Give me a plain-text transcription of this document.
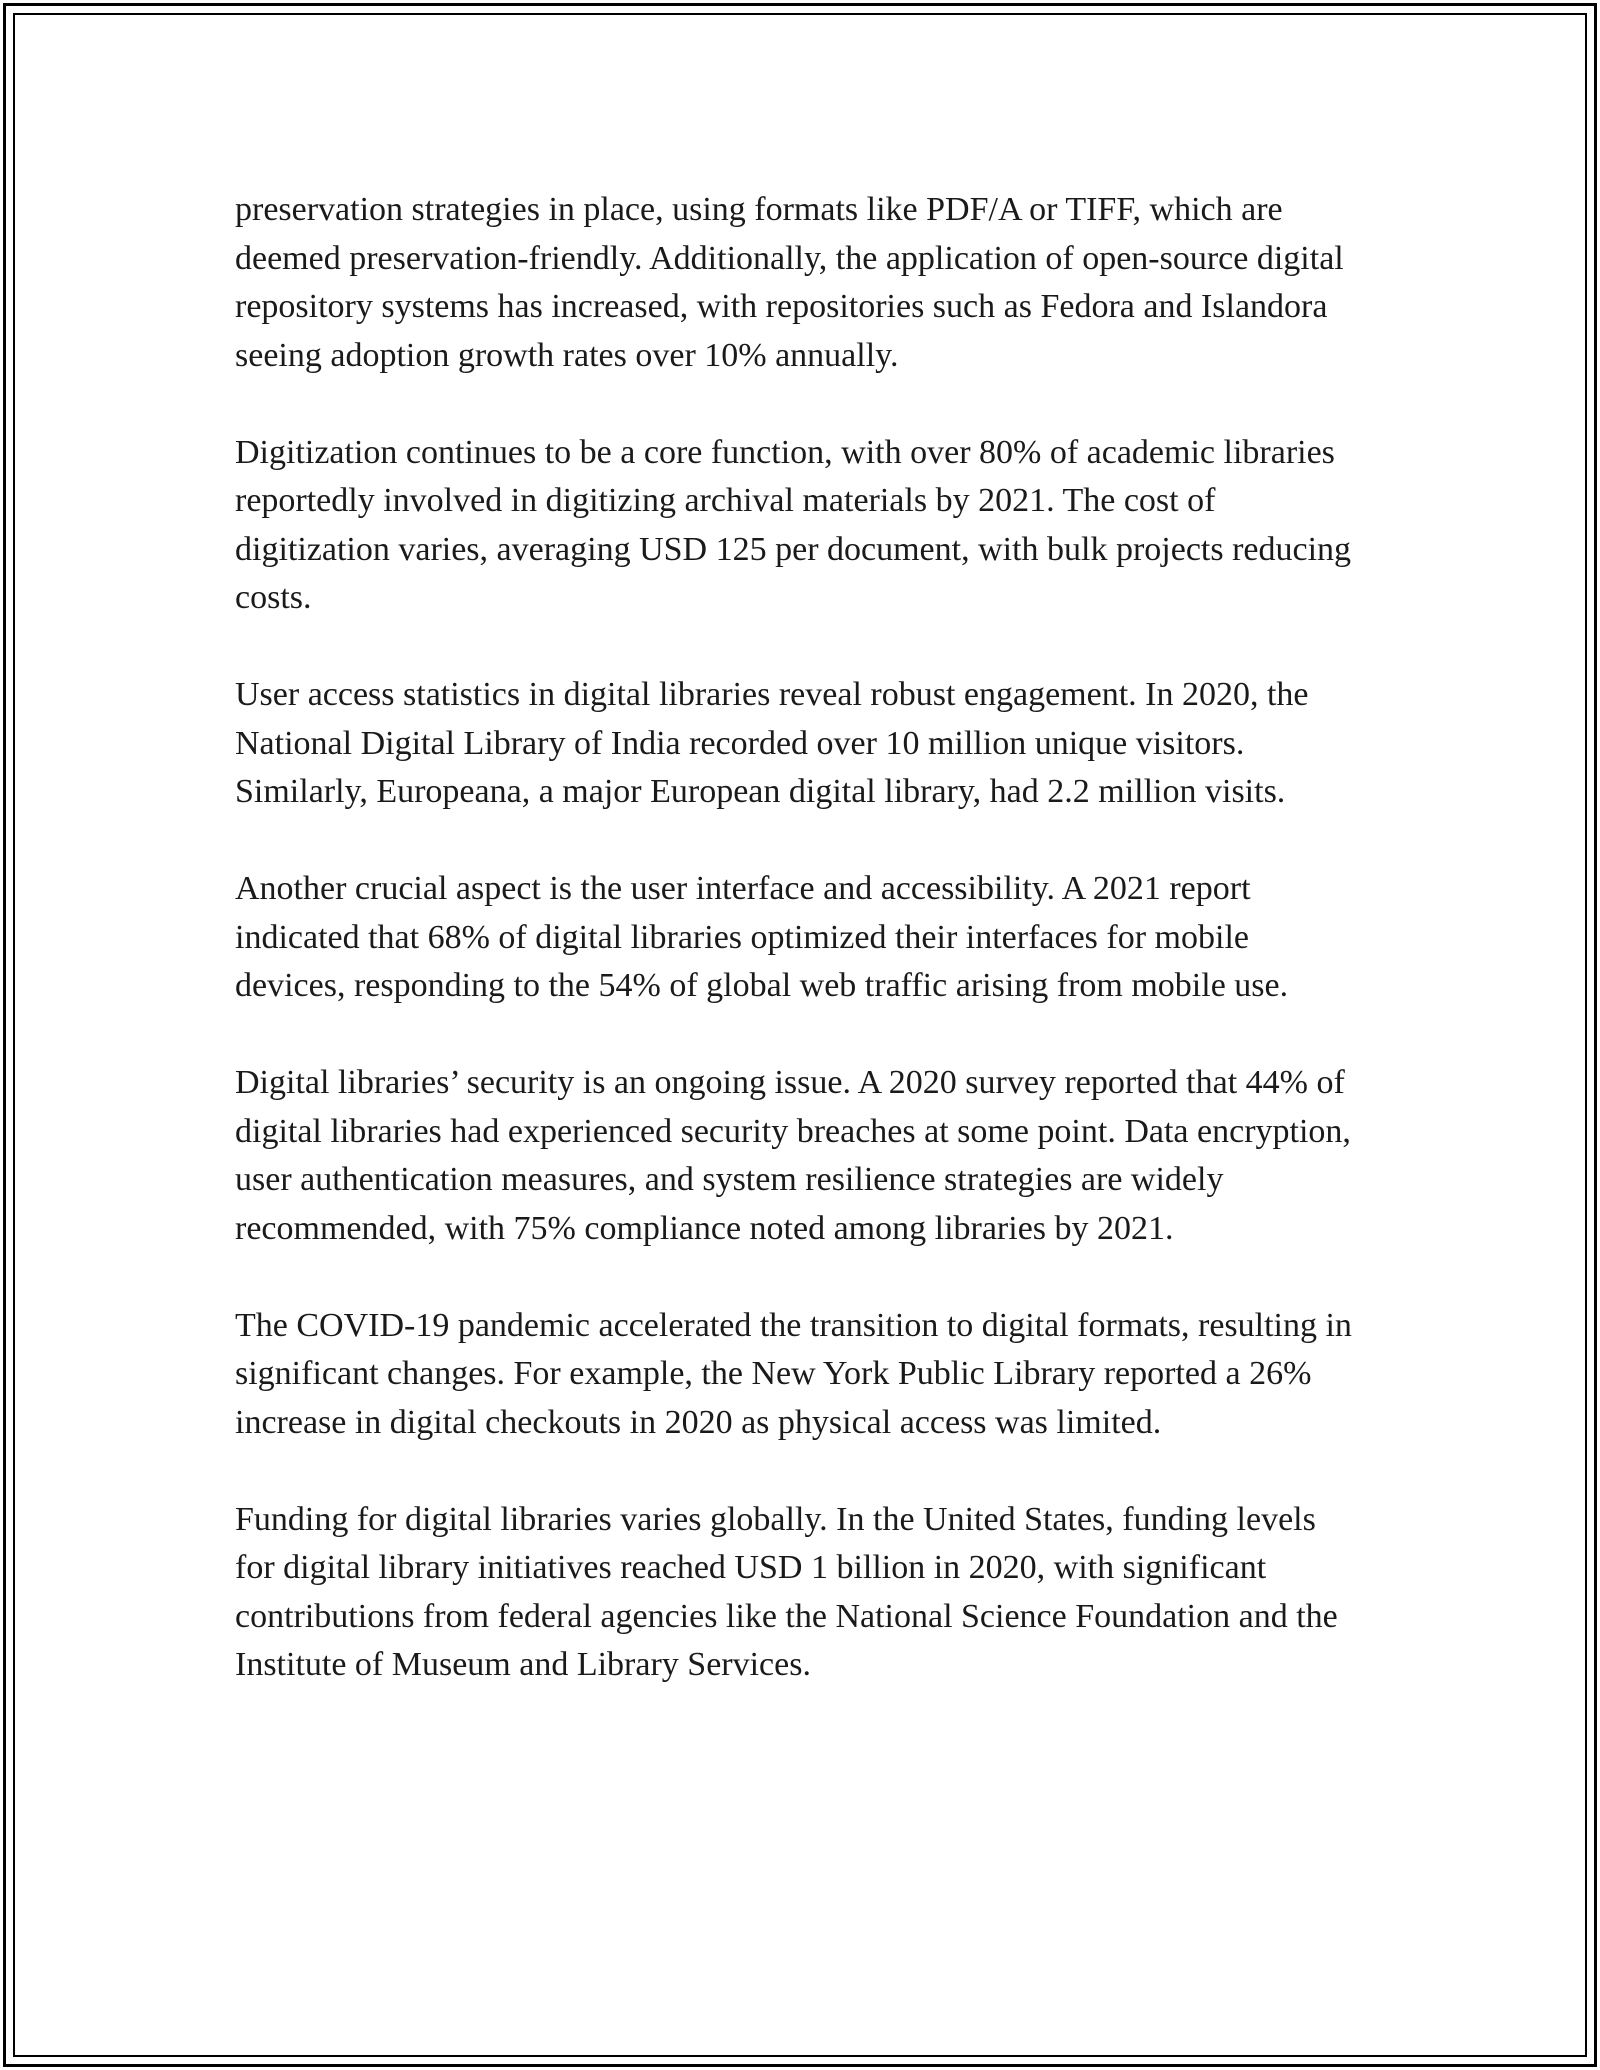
preservation strategies in place, using formats like PDF/A or TIFF, which are deemed preservation-friendly. Additionally, the application of open-source digital repository systems has increased, with repositories such as Fedora and Islandora seeing adoption growth rates over 10% annually.

Digitization continues to be a core function, with over 80% of academic libraries reportedly involved in digitizing archival materials by 2021. The cost of digitization varies, averaging USD 125 per document, with bulk projects reducing costs.

User access statistics in digital libraries reveal robust engagement. In 2020, the National Digital Library of India recorded over 10 million unique visitors. Similarly, Europeana, a major European digital library, had 2.2 million visits.

Another crucial aspect is the user interface and accessibility. A 2021 report indicated that 68% of digital libraries optimized their interfaces for mobile devices, responding to the 54% of global web traffic arising from mobile use.

Digital libraries’ security is an ongoing issue. A 2020 survey reported that 44% of digital libraries had experienced security breaches at some point. Data encryption, user authentication measures, and system resilience strategies are widely recommended, with 75% compliance noted among libraries by 2021.

The COVID-19 pandemic accelerated the transition to digital formats, resulting in significant changes. For example, the New York Public Library reported a 26% increase in digital checkouts in 2020 as physical access was limited.

Funding for digital libraries varies globally. In the United States, funding levels for digital library initiatives reached USD 1 billion in 2020, with significant contributions from federal agencies like the National Science Foundation and the Institute of Museum and Library Services.
